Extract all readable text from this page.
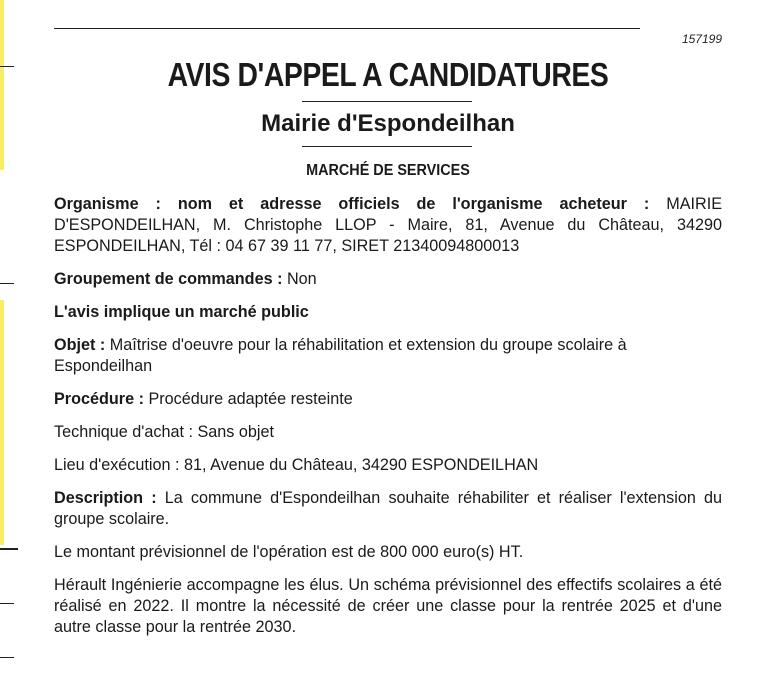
157199
AVIS D'APPEL A CANDIDATURES
Mairie d'Espondeilhan
MARCHÉ DE SERVICES

Organisme : nom et adresse officiels de l'organisme acheteur : MAIRIE D'ESPONDEILHAN, M. Christophe LLOP - Maire, 81, Avenue du Château, 34290 ESPONDEILHAN, Tél : 04 67 39 11 77, SIRET 21340094800013

Groupement de commandes : Non

L'avis implique un marché public

Objet : Maîtrise d'oeuvre pour la réhabilitation et extension du groupe scolaire à Espondeilhan

Procédure : Procédure adaptée resteinte

Technique d'achat : Sans objet

Lieu d'exécution : 81, Avenue du Château, 34290 ESPONDEILHAN

Description : La commune d'Espondeilhan souhaite réhabiliter et réaliser l'extension du groupe scolaire.

Le montant prévisionnel de l'opération est de 800 000 euro(s) HT.

Hérault Ingénierie accompagne les élus. Un schéma prévisionnel des effectifs scolaires a été réalisé en 2022. Il montre la nécessité de créer une classe pour la rentrée 2025 et d'une autre classe pour la rentrée 2030.
